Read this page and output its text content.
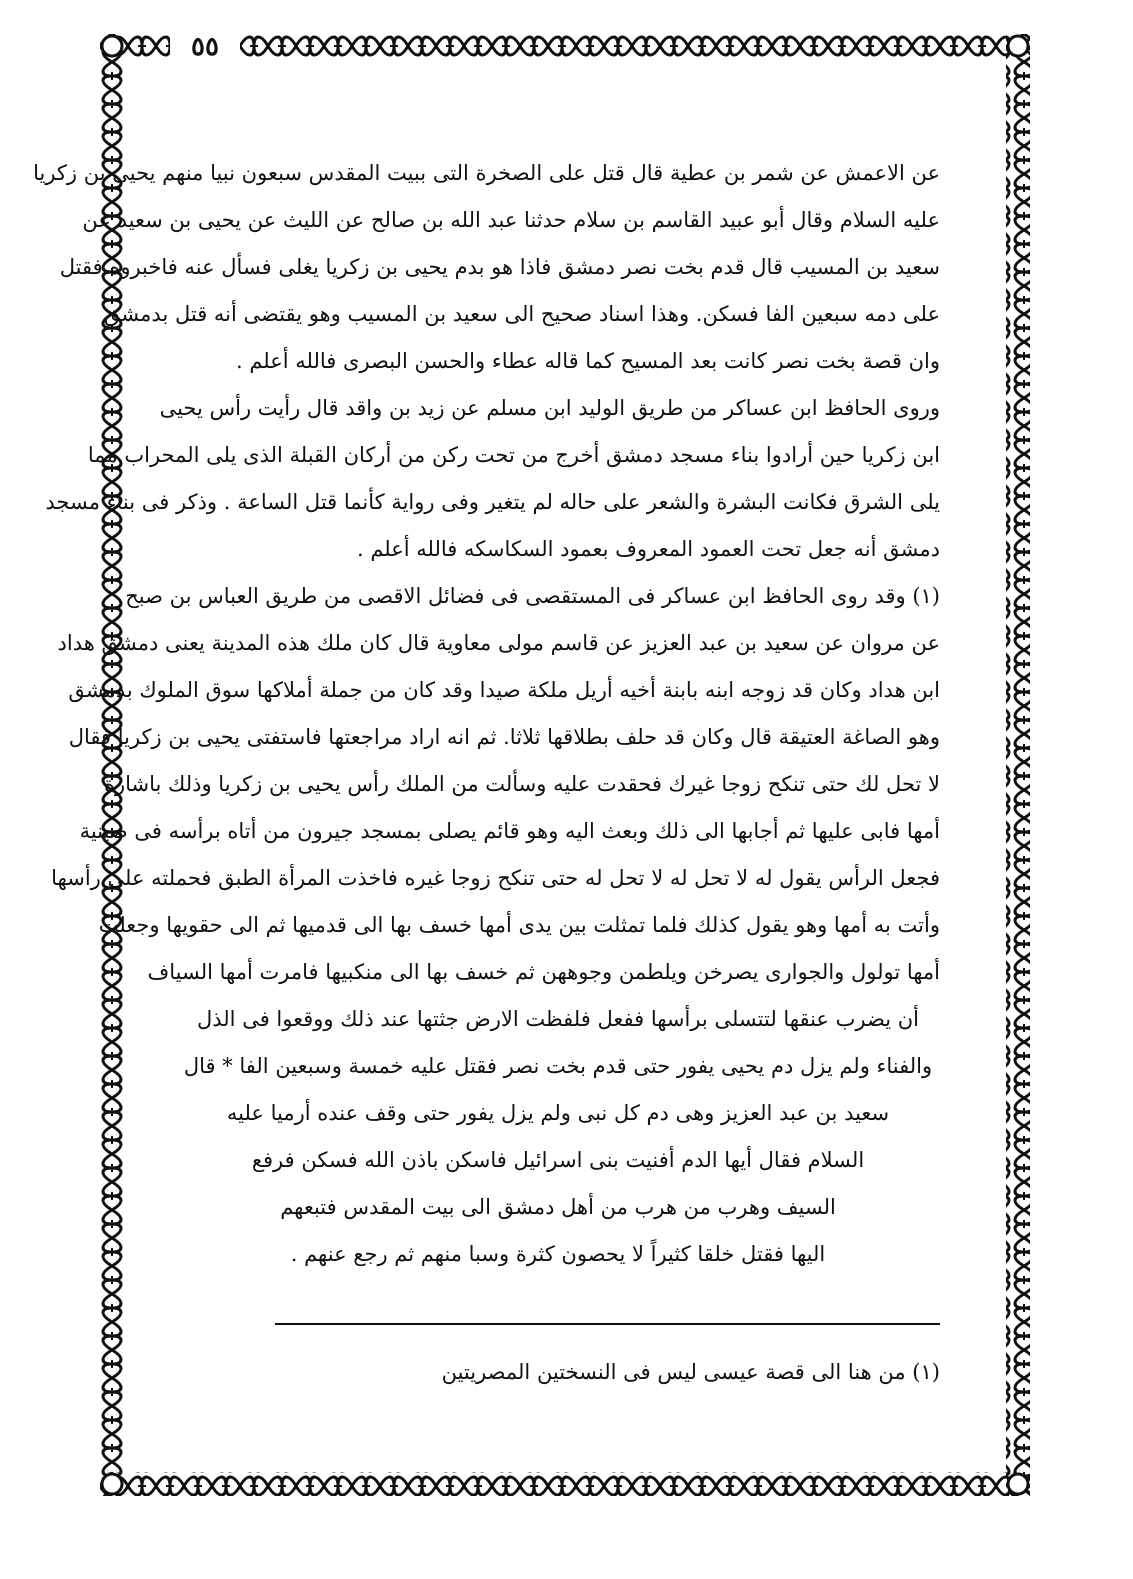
٥٥
عن الاعمش عن شمر بن عطية قال قتل على الصخرة التى ببيت المقدس سبعون نبيا منهم يحيى بن زكريا
عليه السلام وقال أبو عبيد القاسم بن سلام حدثنا عبد الله بن صالح عن الليث عن يحيى بن سعيد عن
سعيد بن المسيب قال قدم بخت نصر دمشق فاذا هو بدم يحيى بن زكريا يغلى فسأل عنه فاخبروه فقتل
على دمه سبعين الفا فسكن. وهذا اسناد صحيح الى سعيد بن المسيب وهو يقتضى أنه قتل بدمشق
وان قصة بخت نصر كانت بعد المسيح كما قاله عطاء والحسن البصرى فالله أعلم .
وروى الحافظ ابن عساكر من طريق الوليد ابن مسلم عن زيد بن واقد قال رأيت رأس يحيى
ابن زكريا حين أرادوا بناء مسجد دمشق أخرج من تحت ركن من أركان القبلة الذى يلى المحراب مما
يلى الشرق فكانت البشرة والشعر على حاله لم يتغير وفى رواية كأنما قتل الساعة . وذكر فى بناء مسجد
دمشق أنه جعل تحت العمود المعروف بعمود السكاسكه فالله أعلم .
(١) وقد روى الحافظ ابن عساكر فى المستقصى فى فضائل الاقصى من طريق العباس بن صبح
عن مروان عن سعيد بن عبد العزيز عن قاسم مولى معاوية قال كان ملك هذه المدينة يعنى دمشق هداد
ابن هداد وكان قد زوجه ابنه بابنة أخيه أريل ملكة صيدا وقد كان من جملة أملاكها سوق الملوك بدمشق
وهو الصاغة العتيقة قال وكان قد حلف بطلاقها ثلاثا. ثم انه اراد مراجعتها فاستفتى يحيى بن زكريا فقال
لا تحل لك حتى تنكح زوجا غيرك فحقدت عليه وسألت من الملك رأس يحيى بن زكريا وذلك باشارة
أمها فابى عليها ثم أجابها الى ذلك وبعث اليه وهو قائم يصلى بمسجد جيرون من أتاه برأسه فى صينية
فجعل الرأس يقول له لا تحل له لا تحل له حتى تنكح زوجا غيره فاخذت المرأة الطبق فحملته على رأسها
وأتت به أمها وهو يقول كذلك فلما تمثلت بين يدى أمها خسف بها الى قدميها ثم الى حقويها وجعلت
أمها تولول والجوارى يصرخن ويلطمن وجوههن ثم خسف بها الى منكبيها فامرت أمها السياف
أن يضرب عنقها لتتسلى برأسها ففعل فلفظت الارض جثتها عند ذلك ووقعوا فى الذل
والفناء ولم يزل دم يحيى يفور حتى قدم بخت نصر فقتل عليه خمسة وسبعين الفا * قال
سعيد بن عبد العزيز وهى دم كل نبى ولم يزل يفور حتى وقف عنده أرميا عليه
السلام فقال أيها الدم أفنيت بنى اسرائيل فاسكن باذن الله فسكن فرفع
السيف وهرب من هرب من أهل دمشق الى بيت المقدس فتبعهم
اليها فقتل خلقا كثيراً لا يحصون كثرة وسبا منهم ثم رجع عنهم .
(١) من هنا الى قصة عيسى ليس فى النسختين المصريتين
